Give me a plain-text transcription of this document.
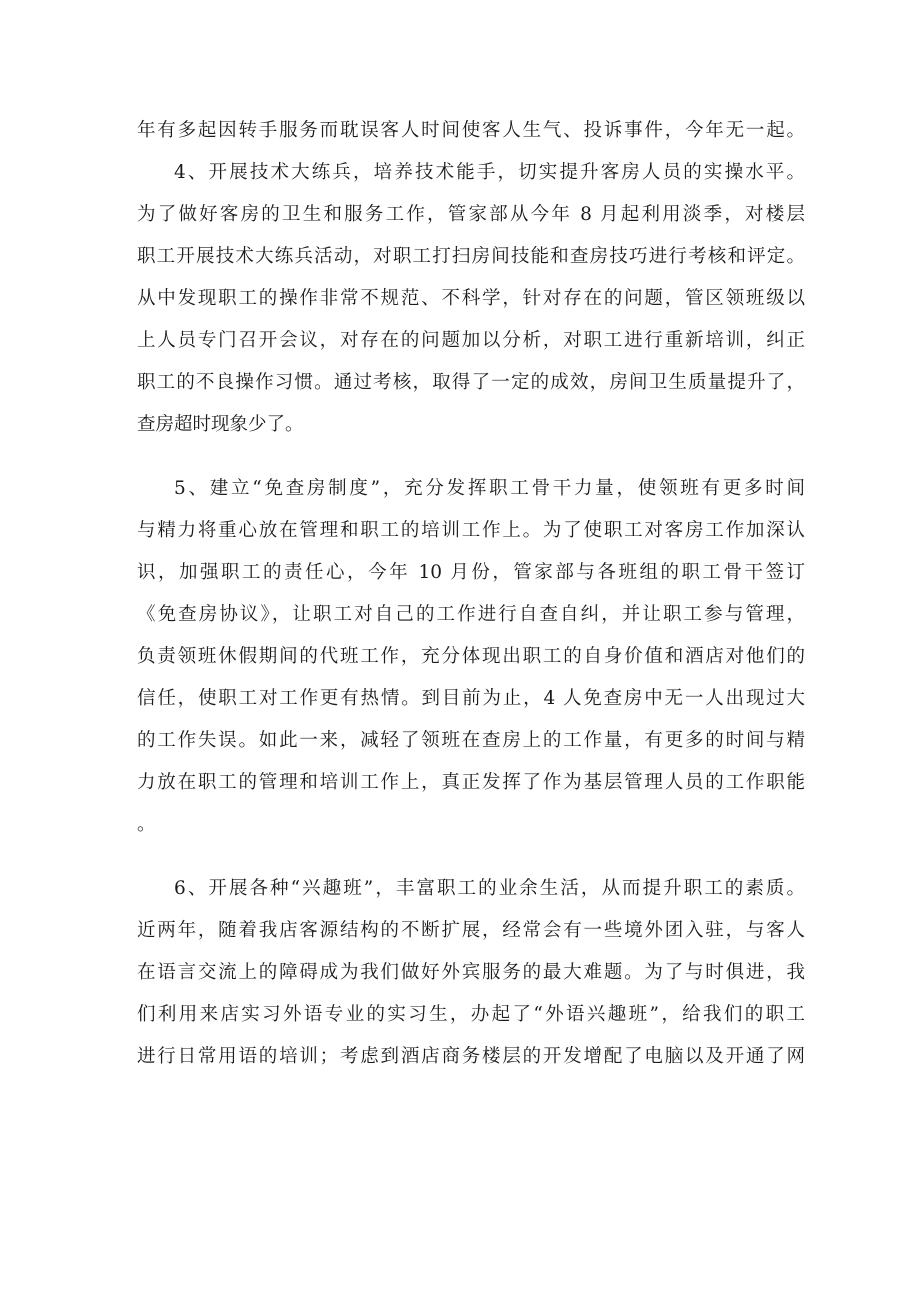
年有多起因转手服务而耽误客人时间使客人生气、投诉事件，今年无一起。
4、开展技术大练兵，培养技术能手，切实提升客房人员的实操水平。
为了做好客房的卫生和服务工作，管家部从今年 8 月起利用淡季，对楼层
职工开展技术大练兵活动，对职工打扫房间技能和查房技巧进行考核和评定。
从中发现职工的操作非常不规范、不科学，针对存在的问题，管区领班级以
上人员专门召开会议，对存在的问题加以分析，对职工进行重新培训，纠正
职工的不良操作习惯。通过考核，取得了一定的成效，房间卫生质量提升了，
查房超时现象少了。
5、建立“免查房制度”，充分发挥职工骨干力量，使领班有更多时间
与精力将重心放在管理和职工的培训工作上。为了使职工对客房工作加深认
识，加强职工的责任心，今年 10 月份，管家部与各班组的职工骨干签订
《免查房协议》，让职工对自己的工作进行自查自纠，并让职工参与管理，
负责领班休假期间的代班工作，充分体现出职工的自身价值和酒店对他们的
信任，使职工对工作更有热情。到目前为止，4 人免查房中无一人出现过大
的工作失误。如此一来，减轻了领班在查房上的工作量，有更多的时间与精
力放在职工的管理和培训工作上，真正发挥了作为基层管理人员的工作职能
。
6、开展各种“兴趣班”，丰富职工的业余生活，从而提升职工的素质。
近两年，随着我店客源结构的不断扩展，经常会有一些境外团入驻，与客人
在语言交流上的障碍成为我们做好外宾服务的最大难题。为了与时俱进，我
们利用来店实习外语专业的实习生，办起了“外语兴趣班”，给我们的职工
进行日常用语的培训；考虑到酒店商务楼层的开发增配了电脑以及开通了网
